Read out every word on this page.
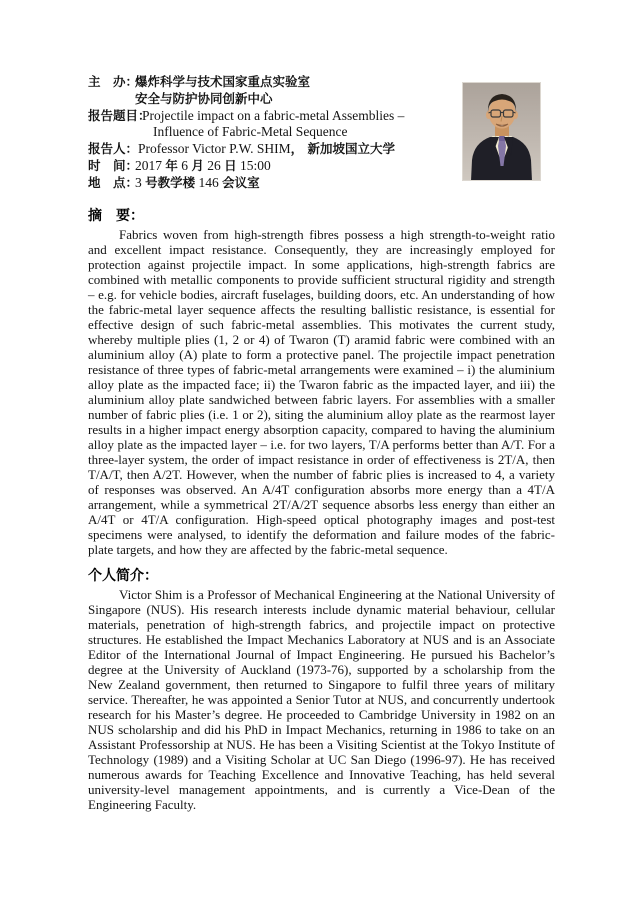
主　办：爆炸科学与技术国家重点实验室
安全与防护协同创新中心
报告题目：Projectile impact on a fabric-metal Assemblies –
Influence of Fabric-Metal Sequence
报告人：Professor Victor P.W. SHIM， 新加坡国立大学
时　间：2017 年 6 月 26 日 15:00
地　点：3 号教学楼 146 会议室
摘　要：

Fabrics woven from high-strength fibres possess a high strength-to-weight ratio and excellent impact resistance. Consequently, they are increasingly employed for protection against projectile impact. In some applications, high-strength fabrics are combined with metallic components to provide sufficient structural rigidity and strength – e.g. for vehicle bodies, aircraft fuselages, building doors, etc. An understanding of how the fabric-metal layer sequence affects the resulting ballistic resistance, is essential for effective design of such fabric-metal assemblies. This motivates the current study, whereby multiple plies (1, 2 or 4) of Twaron (T) aramid fabric were combined with an aluminium alloy (A) plate to form a protective panel. The projectile impact penetration resistance of three types of fabric-metal arrangements were examined – i) the aluminium alloy plate as the impacted face; ii) the Twaron fabric as the impacted layer, and iii) the aluminium alloy plate sandwiched between fabric layers. For assemblies with a smaller number of fabric plies (i.e. 1 or 2), siting the aluminium alloy plate as the rearmost layer results in a higher impact energy absorption capacity, compared to having the aluminium alloy plate as the impacted layer – i.e. for two layers, T/A performs better than A/T. For a three-layer system, the order of impact resistance in order of effectiveness is 2T/A, then T/A/T, then A/2T. However, when the number of fabric plies is increased to 4, a variety of responses was observed. An A/4T configuration absorbs more energy than a 4T/A arrangement, while a symmetrical 2T/A/2T sequence absorbs less energy than either an A/4T or 4T/A configuration. High-speed optical photography images and post-test specimens were analysed, to identify the deformation and failure modes of the fabric-plate targets, and how they are affected by the fabric-metal sequence.

个人简介：

Victor Shim is a Professor of Mechanical Engineering at the National University of Singapore (NUS). His research interests include dynamic material behaviour, cellular materials, penetration of high-strength fabrics, and projectile impact on protective structures. He established the Impact Mechanics Laboratory at NUS and is an Associate Editor of the International Journal of Impact Engineering. He pursued his Bachelor’s degree at the University of Auckland (1973-76), supported by a scholarship from the New Zealand government, then returned to Singapore to fulfil three years of military service. Thereafter, he was appointed a Senior Tutor at NUS, and concurrently undertook research for his Master’s degree. He proceeded to Cambridge University in 1982 on an NUS scholarship and did his PhD in Impact Mechanics, returning in 1986 to take on an Assistant Professorship at NUS. He has been a Visiting Scientist at the Tokyo Institute of Technology (1989) and a Visiting Scholar at UC San Diego (1996-97). He has received numerous awards for Teaching Excellence and Innovative Teaching, has held several university-level management appointments, and is currently a Vice-Dean of the Engineering Faculty.
